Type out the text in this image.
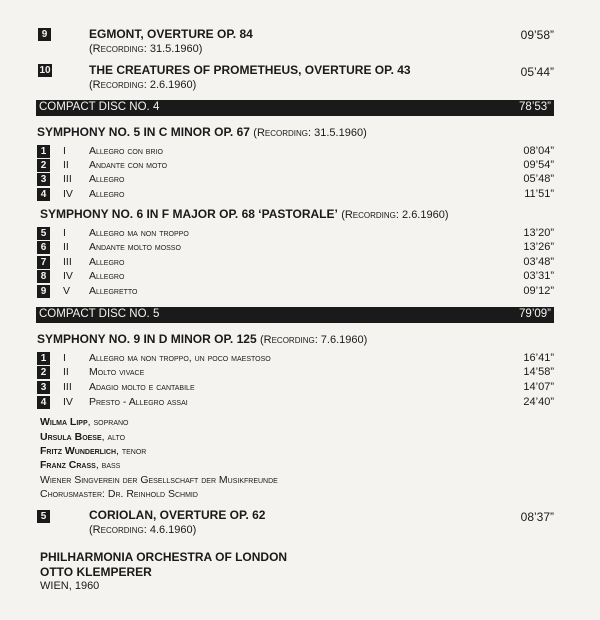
9	EGMONT, OVERTURE OP. 84
(Recording: 31.5.1960)
09’58”
10	THE CREATURES OF PROMETHEUS, OVERTURE OP. 43
(Recording: 2.6.1960)
05’44”
COMPACT DISC NO. 4	78’53”
SYMPHONY NO. 5 IN C MINOR OP. 67 (Recording: 31.5.1960)
1	I Allegro con brio	08’04”
2	II Andante con moto	09’54”
3	III Allegro	05’48”
4	IV Allegro	11’51”
SYMPHONY NO. 6 IN F MAJOR OP. 68 ‘PASTORALE’ (Recording: 2.6.1960)
5	I Allegro ma non troppo	13’20”
6	II Andante molto mosso	13’26”
7	III Allegro	03’48”
8	IV Allegro	03’31”
9	V Allegretto	09’12”
COMPACT DISC NO. 5	79’09”
SYMPHONY NO. 9 IN D MINOR OP. 125 (Recording: 7.6.1960)
1	I Allegro ma non troppo, un poco maestoso	16’41”
2	II Molto vivace	14’58”
3	III Adagio molto e cantabile	14’07”
4	IV Presto - Allegro assai	24’40”
Wilma Lipp, soprano
Ursula Boese, alto
Fritz Wunderlich, tenor
Franz Crass, bass
Wiener Singverein der Gesellschaft der Musikfreunde
Chorusmaster: Dr. Reinhold Schmid
5	CORIOLAN, OVERTURE OP. 62
(Recording: 4.6.1960)
08’37”
PHILHARMONIA ORCHESTRA OF LONDON
OTTO KLEMPERER
WIEN, 1960
